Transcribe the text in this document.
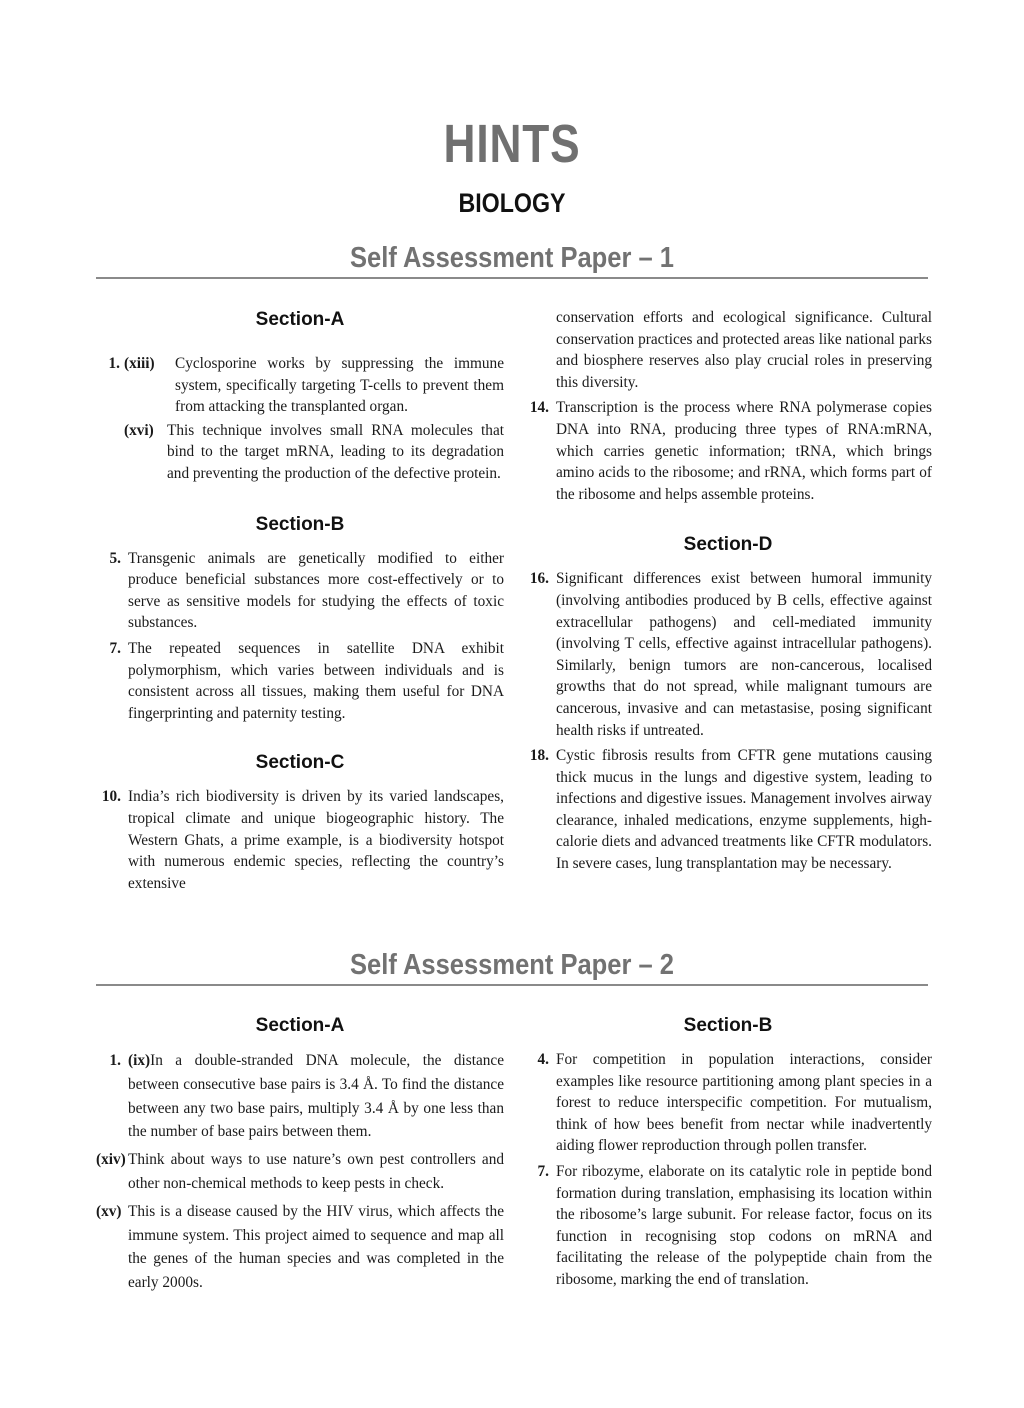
HINTS
BIOLOGY
Self Assessment Paper – 1
Section-A
1. (xiii)	Cyclosporine works by suppressing the immune system, specifically targeting T-cells to prevent them from attacking the transplanted organ.
(xvi) This technique involves small RNA molecules that bind to the target mRNA, leading to its degradation and preventing the production of the defective protein.
Section-B
5. Transgenic animals are genetically modified to either produce beneficial substances more cost-effectively or to serve as sensitive models for studying the effects of toxic substances.
7. The repeated sequences in satellite DNA exhibit polymorphism, which varies between individuals and is consistent across all tissues, making them useful for DNA fingerprinting and paternity testing.
Section-C
10. India’s rich biodiversity is driven by its varied landscapes, tropical climate and unique biogeographic history. The Western Ghats, a prime example, is a biodiversity hotspot with numerous endemic species, reflecting the country’s extensive
conservation efforts and ecological significance. Cultural conservation practices and protected areas like national parks and biosphere reserves also play crucial roles in preserving this diversity.
14. Transcription is the process where RNA polymerase copies DNA into RNA, producing three types of RNA:mRNA, which carries genetic information; tRNA, which brings amino acids to the ribosome; and rRNA, which forms part of the ribosome and helps assemble proteins.
Section-D
16. Significant differences exist between humoral immunity (involving antibodies produced by B cells, effective against extracellular pathogens) and cell-mediated immunity (involving T cells, effective against intracellular pathogens). Similarly, benign tumors are non-cancerous, localised growths that do not spread, while malignant tumours are cancerous, invasive and can metastasise, posing significant health risks if untreated.
18. Cystic fibrosis results from CFTR gene mutations causing thick mucus in the lungs and digestive system, leading to infections and digestive issues. Management involves airway clearance, inhaled medications, enzyme supplements, high-calorie diets and advanced treatments like CFTR modulators. In severe cases, lung transplantation may be necessary.
Self Assessment Paper – 2
Section-A
1. (ix)In a double-stranded DNA molecule, the distance between consecutive base pairs is 3.4 Å. To find the distance between any two base pairs, multiply 3.4 Å by one less than the number of base pairs between them.
(xiv) Think about ways to use nature’s own pest controllers and other non-chemical methods to keep pests in check.
(xv) This is a disease caused by the HIV virus, which affects the immune system. This project aimed to sequence and map all the genes of the human species and was completed in the early 2000s.
Section-B
4. For competition in population interactions, consider examples like resource partitioning among plant species in a forest to reduce interspecific competition. For mutualism, think of how bees benefit from nectar while inadvertently aiding flower reproduction through pollen transfer.
7. For ribozyme, elaborate on its catalytic role in peptide bond formation during translation, emphasising its location within the ribosome’s large subunit. For release factor, focus on its function in recognising stop codons on mRNA and facilitating the release of the polypeptide chain from the ribosome, marking the end of translation.
